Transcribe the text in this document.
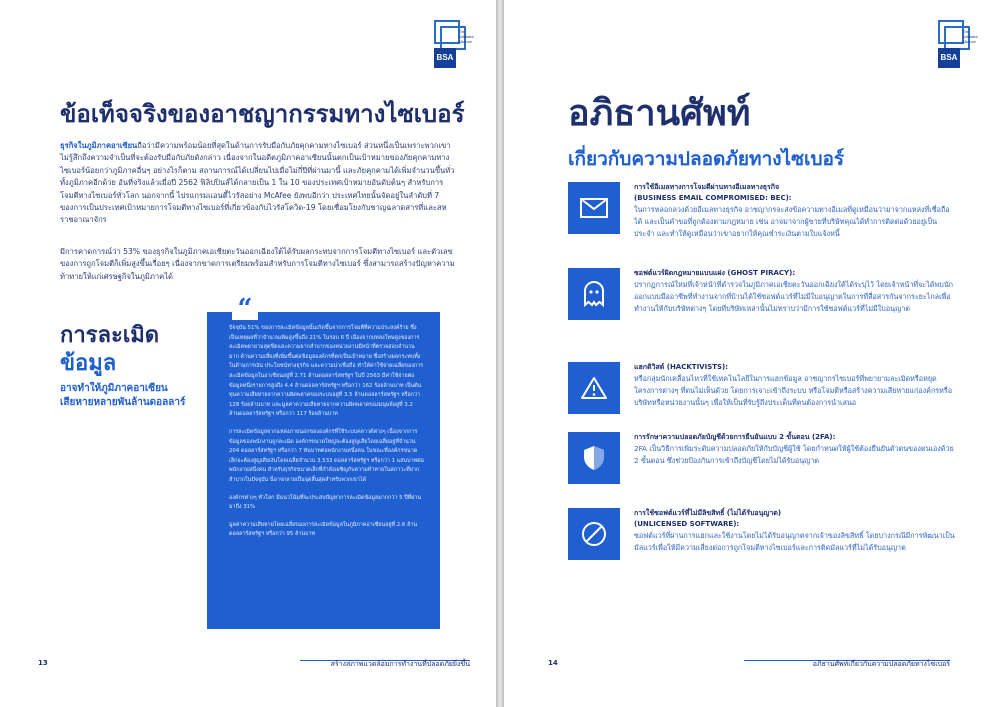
The
Software
Alliance
BSA
ข้อเท็จจริงของอาชญากรรมทางไซเบอร์
ธุรกิจในภูมิภาคอาเซียนถือว่ามีความพร้อมน้อยที่สุดในด้านการรับมือกับภัยคุกคามทางไซเบอร์ ส่วนหนึ่งเป็นเพราะพวกเขาไม่รู้สึกถึงความจำเป็นที่จะต้องรับมือกับภัยดังกล่าว เนื่องจากในอดีตภูมิภาคอาเซียนนั้นตกเป็นเป้าหมายของภัยคุกคามทางไซเบอร์น้อยกว่าภูมิภาคอื่นๆ อย่างไรก็ตาม สถานการณ์ได้เปลี่ยนไปเมื่อไม่กี่ปีที่ผ่านมานี้ และภัยคุกคามได้เพิ่มจำนวนขึ้นทั่วทั้งภูมิภาคอีกด้วย อันที่จริงแล้วเมื่อปี 2562 ฟิลิปปินส์ได้กลายเป็น 1 ใน 10 ของประเทศเป้าหมายอันดับต้นๆ สำหรับการโจมตีทางไซเบอร์ทั่วโลก นอกจากนี้ ไปรแกรมแอนตี้ไวรัสอย่าง McAfee ยังพบอีกว่า ประเทศไทยนั้นจัดอยู่ในลำดับที่ 7 ของการเป็นประเทศเป้าหมายการโจมตีทางไซเบอร์ที่เกี่ยวข้องกับไวรัสโควิด-19 โดยเชื่อมโยงกับชาญฉลาดสารที่และสหราชอาณาจักร
มีการคาดการณ์ว่า 53% ของธุรกิจในภูมิภาคเอเชียตะวันออกเฉียงใต้ได้รับผลกระทบจากการโจมตีทางไซเบอร์ และตัวเลขของการถูกโจมตีก็เพิ่มสูงขึ้นเรื่อยๆ เนื่องจากขาดการเตรียมพร้อมสำหรับการโจมตีทางไซเบอร์ ซึ่งสามารถสร้างปัญหาความท้าทายให้แก่เศรษฐกิจในภูมิภาคได้
การละเมิด
ข้อมูล
อาจทำให้ภูมิภาคอาเซียน
เสียหายหลายพันล้านดอลลาร์

ปัจจุบัน 51% ของการละเมิดข้อมูลนั้นเกิดขึ้นจากการโจมตีที่ความประสงค์ร้าย ซึ่งเป็นเหตุผลที่ว่าจำนวนเพิ่มสูงขึ้นถึง 21% ในรอบ 6 ปี เนื่องจากบทลงโทษสูงของการละเมิดพยายามสุดขีดและความยากลำบากของหน่วยงานมีหน้าที่ตรวจสอบจำนวนมาก ด้านความเสี่ยงที่เพิ่มขึ้นต่อข้อมูลองค์กรที่ตกเป็นเป้าหมาย ซึ่งสร้างผลกระทบทั้งในด้านการเงิน ประโยชน์ทางธุรกิจ และความน่าเชื่อถือ ทำให้ค่าใช้จ่ายเฉลี่ยของการละเมิดข้อมูลในอาเซียนอยู่ที่ 2.71 ล้านดอลลาร์สหรัฐฯ ในปี 2563 มีค่าใช้จ่ายต่อข้อมูลหนึ่งรายการสูงถึง 4.4 ล้านดอลลาร์สหรัฐฯ หรือกว่า 162 ร้อยล้านบาท เป็นต้นทุนความเสียหายจากความผิดพลาดของระบบอยู่ที่ 3.5 ล้านดอลลาร์สหรัฐฯ หรือกว่า 128 ร้อยล้านบาท และมูลค่าความเสียหายจากความผิดพลาดของมนุษย์อยู่ที่ 3.2 ล้านดอลลาร์สหรัฐฯ หรือกว่า 117 ร้อยล้านบาท

การละเมิดข้อมูลจากแหล่งภายนอกขององค์กรที่ใช้ระบบคลาวด์ต่างๆ เนื่องจากการข้อมูลของพนักงานถูกละเมิด องค์กรขนาดใหญ่จะต้องสูญเสียโดยเฉลี่ยอยู่ที่จำนวน 204 ดอลลาร์สหรัฐฯ หรือกว่า 7 พันบาทต่อพนักงานหนึ่งคน ในขณะที่องค์กรขนาดเล็กจะต้องสูญเสียเงินโดยเฉลี่ยจำนวน 3,533 ดอลลาร์สหรัฐฯ หรือกว่า 1 แสนบาทต่อพนักงานหนึ่งคน สำหรับธุรกิจขนาดเล็กที่กำลังเผชิญกับความท้าทายในสภาวะที่ยากลำบากในปัจจุบัน นี่อาจกลายเป็นจุดสิ้นสุดสำหรับพวกเขาได้

องค์กรต่างๆ ทั่วโลก มีแนวโน้มที่จะประสบปัญหาการละเมิดข้อมูลมากกว่า 5 ปีที่ผ่านมาถึง 31%

มูลค่าความเสียหายโดยเฉลี่ยของการละเมิดข้อมูลในภูมิภาคอาเซียนอยู่ที่ 2.6 ล้านดอลลาร์สหรัฐฯ หรือกว่า 95 ล้านบาท

“
13	สร้างสภาพแวดล้อมการทำงานที่ปลอดภัยยิ่งขึ้น
The
Software
Alliance
BSA
อภิธานศัพท์
เกี่ยวกับความปลอดภัยทางไซเบอร์
การใช้อีเมลทางการโจมตีผ่านทางอีเมลทางธุรกิจ
(BUSINESS EMAIL COMPROMISED: BEC):
ในการหลอกลวงด้วยอีเมลทางธุรกิจ อาชญากรจะส่งข้อความทางอีเมลที่ดูเหมือนว่ามาจากแหล่งที่เชื่อถือได้ และเป็นคำขอที่ถูกต้องตามกฎหมาย เช่น อาจมาจากผู้ขายที่บริษัทคุณได้ทำการติดต่อด้วยอยู่เป็นประจำ และทำให้ดูเหมือนว่าเขาอยากให้คุณชำระเงินตามใบแจ้งหนี้
ซอฟต์แวร์ผิดกฎหมายแบบแฝง (GHOST PIRACY):
ปรากฏการณ์ใหม่ที่เจ้าหน้าที่ตำรวจในภูมิภาคเอเชียตะวันออกเฉียงใต้ได้ระบุไว้ โดยเจ้าหน้าที่จะได้พบนักออกแบบมืออาชีพที่ทำงานจากที่บ้านได้ใช้ซอฟต์แวร์ที่ไม่มีใบอนุญาตในการที่สื่อสารกันจากระยะไกลเพื่อทำงานให้กับบริษัทต่างๆ โดยที่บริษัทเหล่านั้นไม่ทราบว่ามีการใช้ซอฟต์แวร์ที่ไม่มีใบอนุญาต
แฮกติวิสต์ (HACKTIVISTS):
หรือกลุ่มนักเคลื่อนไหวที่ใช้เทคโนโลยีในการแฮกข้อมูล อาชญากรไซเบอร์ที่พยายามละเมิดหรือหยุดโครงการต่างๆ ที่ตนไม่เห็นด้วย โดยการเจาะเข้าถึงระบบ หรือโจมตีหรือสร้างความเสียหายแก่องค์กรหรือบริษัทหรือหน่วยงานนั้นๆ เพื่อให้เป็นที่รับรู้ถึงประเด็นที่ตนต้องการนำเสนอ
การรักษาความปลอดภัยบัญชีด้วยการยืนยันแบบ 2 ขั้นตอน (2FA):
2FA เป็นวิธีการเพิ่มระดับความปลอดภัยให้กับบัญชีผู้ใช้ โดยกำหนดให้ผู้ใช้ต้องยืนยันตัวตนของตนเองด้วย 2 ขั้นตอน ซึ่งช่วยป้องกันการเข้าถึงบัญชีโดยไม่ได้รับอนุญาต
การใช้ซอฟต์แวร์ที่ไม่มีลิขสิทธิ์ (ไม่ได้รับอนุญาต)
(UNLICENSED SOFTWARE):
ซอฟต์แวร์ที่ผ่านการแฮกและใช้งานโดยไม่ได้รับอนุญาตจากเจ้าของลิขสิทธิ์ โดยบางกรณีมีการพัฒนาเป็นมัลแวร์เพื่อให้มีความเสี่ยงต่อการถูกโจมตีทางไซเบอร์และการติดมัลแวร์ที่ไม่ได้รับอนุญาต
14	อภิธานศัพท์เกี่ยวกับความปลอดภัยทางไซเบอร์
